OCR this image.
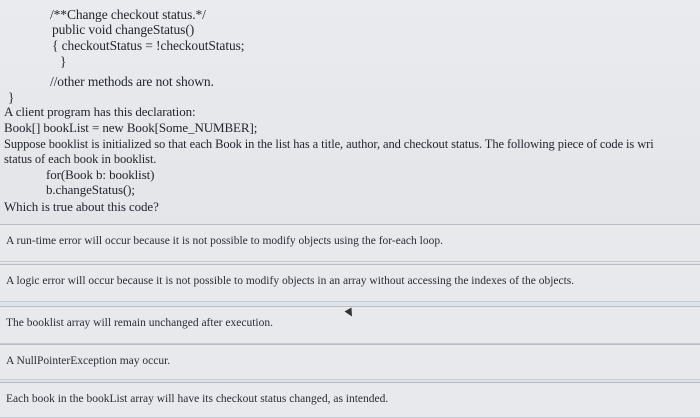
/**Change checkout status.*/
public void changeStatus()
{ checkoutStatus = !checkoutStatus;
}
//other methods are not shown.
}
A client program has this declaration:
Book[] bookList = new Book[Some_NUMBER];
Suppose booklist is initialized so that each Book in the list has a title, author, and checkout status. The following piece of code is wri
status of each book in booklist.
for(Book b: booklist)
b.changeStatus();
Which is true about this code?
A run-time error will occur because it is not possible to modify objects using the for-each loop.
A logic error will occur because it is not possible to modify objects in an array without accessing the indexes of the objects.
The booklist array will remain unchanged after execution.
A NullPointerException may occur.
Each book in the bookList array will have its checkout status changed, as intended.
